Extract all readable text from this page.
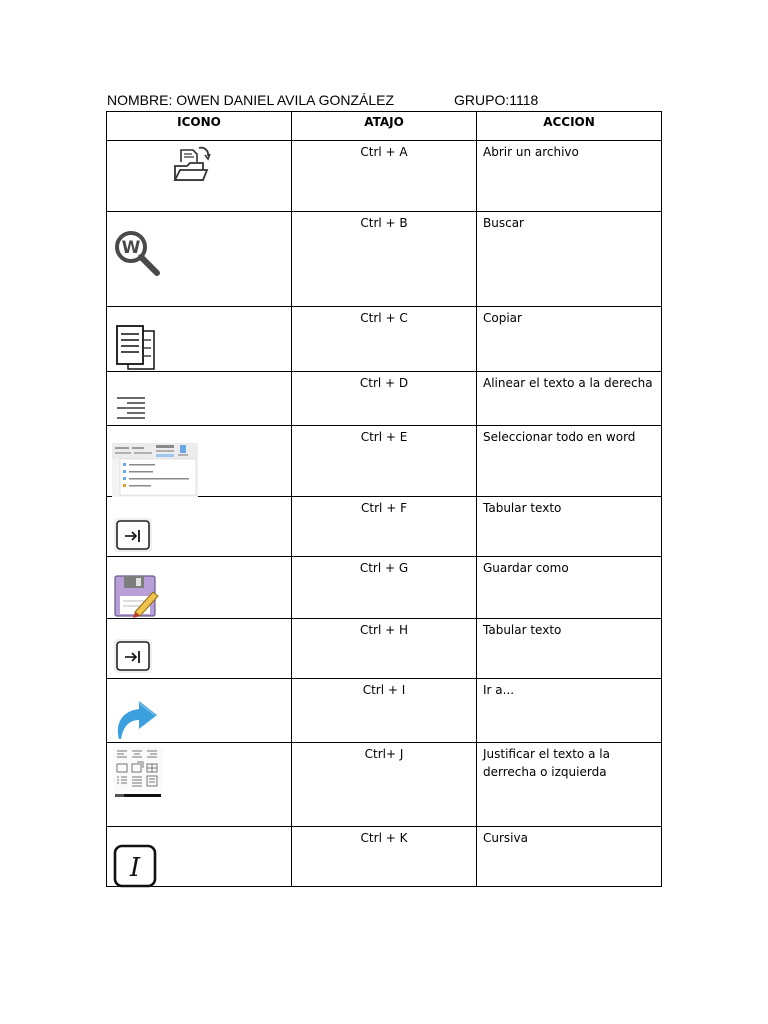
NOMBRE: OWEN DANIEL AVILA GONZÁLEZ	GRUPO:1118
ICONO	ATAJO	ACCION

	Ctrl + A	Abrir un archivo

W	Ctrl + B	Buscar

	Ctrl + C	Copiar

	Ctrl + D	Alinear el texto a la derecha

	Ctrl + E	Seleccionar todo en word

	Ctrl + F	Tabular texto

	Ctrl + G	Guardar como

	Ctrl + H	Tabular texto

	Ctrl + I	Ir a...

	Ctrl+ J	Justificar el texto a la derrecha o izquierda

I	Ctrl + K	Cursiva
